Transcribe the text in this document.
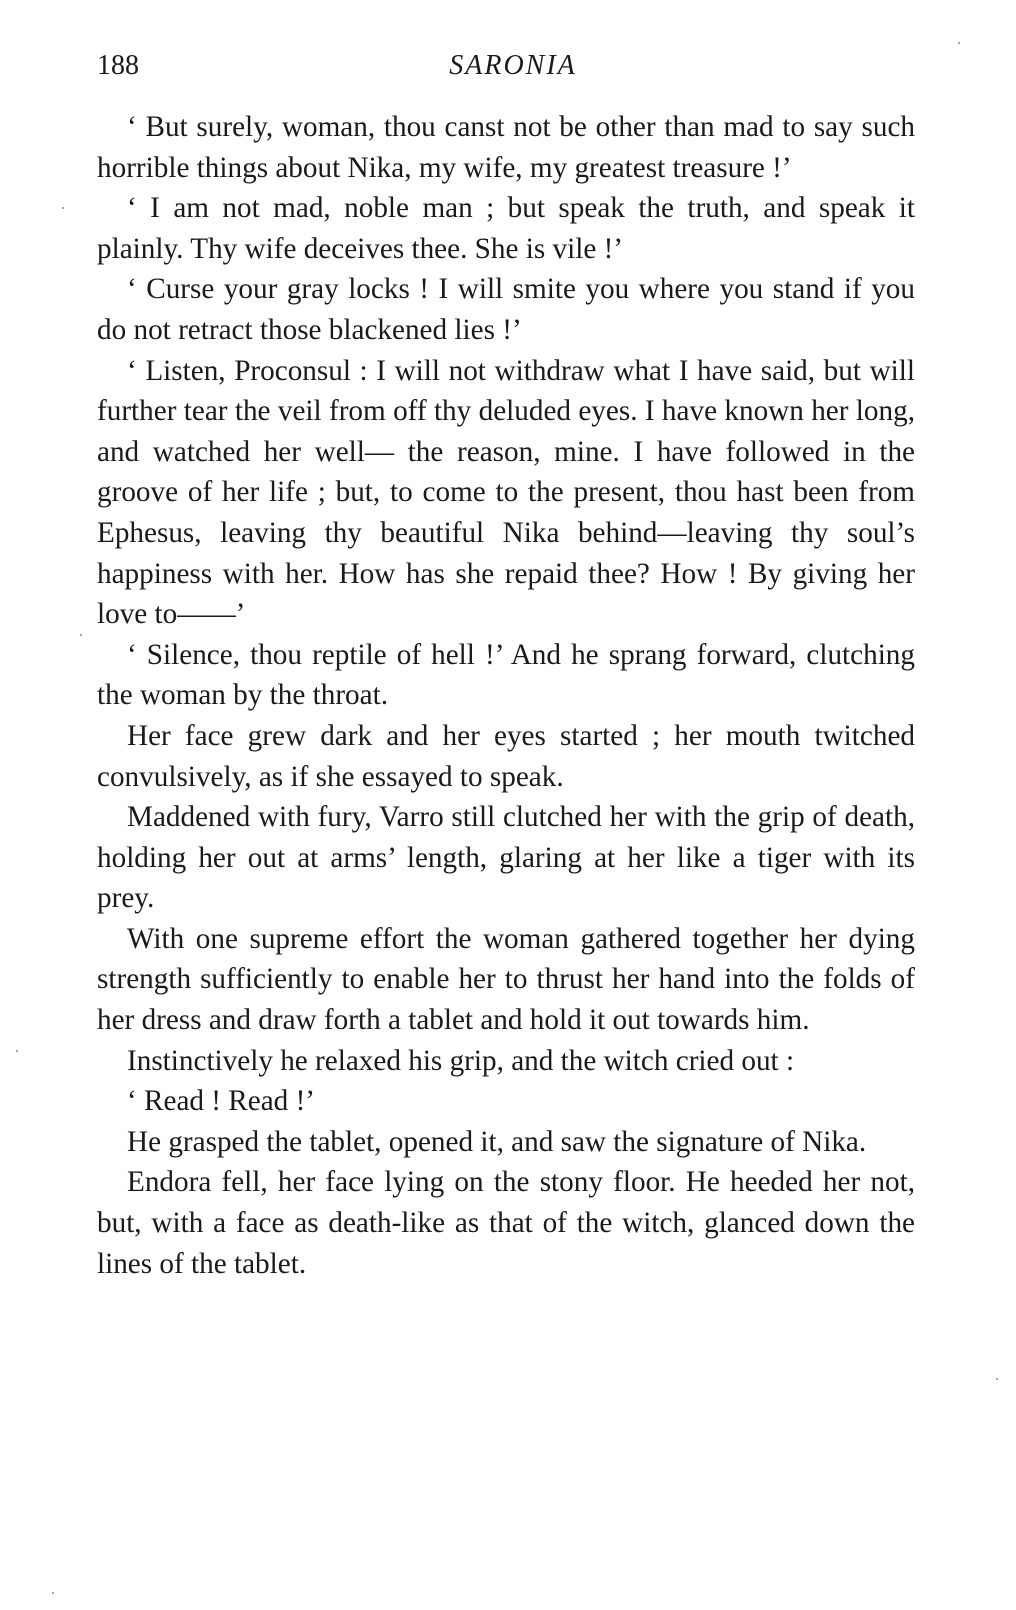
188	SARONIA

‘ But surely, woman, thou canst not be other than mad to say such horrible things about Nika, my wife, my greatest treasure !’

‘ I am not mad, noble man ; but speak the truth, and speak it plainly. Thy wife deceives thee. She is vile !’

‘ Curse your gray locks ! I will smite you where you stand if you do not retract those blackened lies !’

‘ Listen, Proconsul : I will not withdraw what I have said, but will further tear the veil from off thy deluded eyes. I have known her long, and watched her well— the reason, mine. I have followed in the groove of her life ; but, to come to the present, thou hast been from Ephesus, leaving thy beautiful Nika behind—leaving thy soul’s happiness with her. How has she repaid thee? How ! By giving her love to——’

‘ Silence, thou reptile of hell !’ And he sprang forward, clutching the woman by the throat.

Her face grew dark and her eyes started ; her mouth twitched convulsively, as if she essayed to speak.

Maddened with fury, Varro still clutched her with the grip of death, holding her out at arms’ length, glaring at her like a tiger with its prey.

With one supreme effort the woman gathered together her dying strength sufficiently to enable her to thrust her hand into the folds of her dress and draw forth a tablet and hold it out towards him.

Instinctively he relaxed his grip, and the witch cried out :

‘ Read ! Read !’

He grasped the tablet, opened it, and saw the signature of Nika.

Endora fell, her face lying on the stony floor. He heeded her not, but, with a face as death-like as that of the witch, glanced down the lines of the tablet.
